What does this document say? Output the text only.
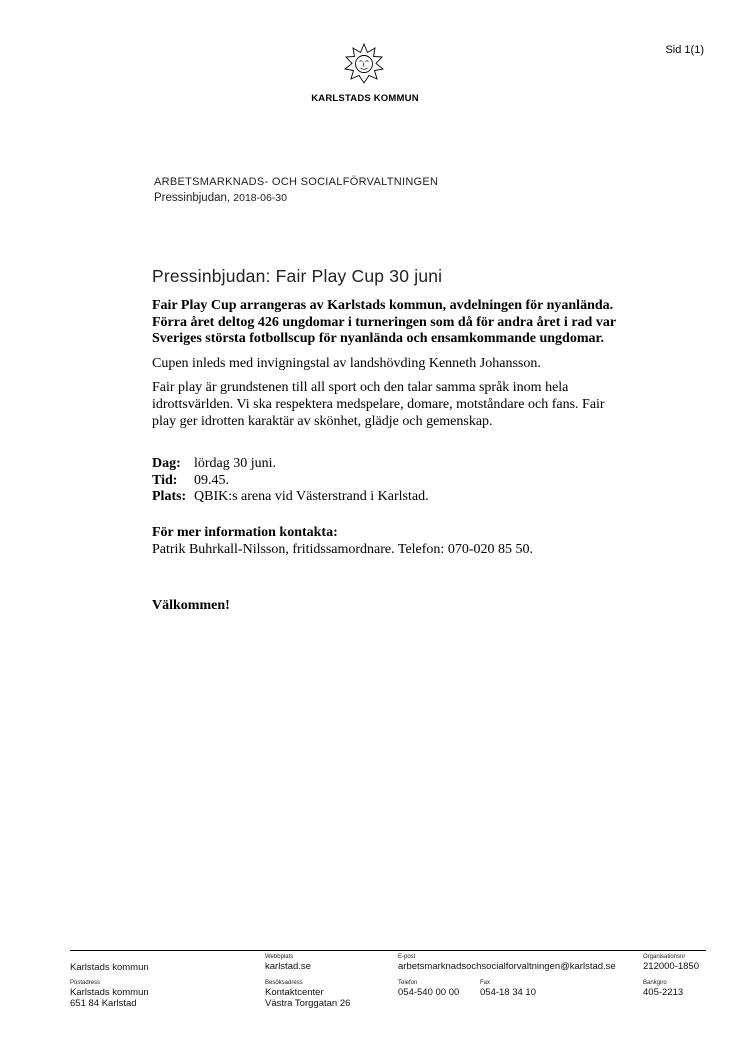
Sid 1(1)
KARLSTADS KOMMUN
ARBETSMARKNADS- OCH SOCIALFÖRVALTNINGEN
Pressinbjudan, 2018-06-30
Pressinbjudan: Fair Play Cup 30 juni

Fair Play Cup arrangeras av Karlstads kommun, avdelningen för nyanlända. Förra året deltog 426 ungdomar i turneringen som då för andra året i rad var Sveriges största fotbollscup för nyanlända och ensamkommande ungdomar.

Cupen inleds med invigningstal av landshövding Kenneth Johansson.

Fair play är grundstenen till all sport och den talar samma språk inom hela idrottsvärlden. Vi ska respektera medspelare, domare, motståndare och fans. Fair play ger idrotten karaktär av skönhet, glädje och gemenskap.

Dag:	lördag 30 juni.
Tid:	09.45.
Plats:	QBIK:s arena vid Västerstrand i Karlstad.
För mer information kontakta:
Patrik Buhrkall-Nilsson, fritidssamordnare. Telefon: 070-020 85 50.
Välkommen!
Karlstads kommun
Webbplats
karlstad.se
E-post
arbetsmarknadsochsocialforvaltningen@karlstad.se
Organisationsnr
212000-1850
Postadress
Karlstads kommun
651 84 Karlstad
Besöksadress
Kontaktcenter
Västra Torggatan 26
Telefon
054-540 00 00
Fax
054-18 34 10
Bankgiro
405-2213
